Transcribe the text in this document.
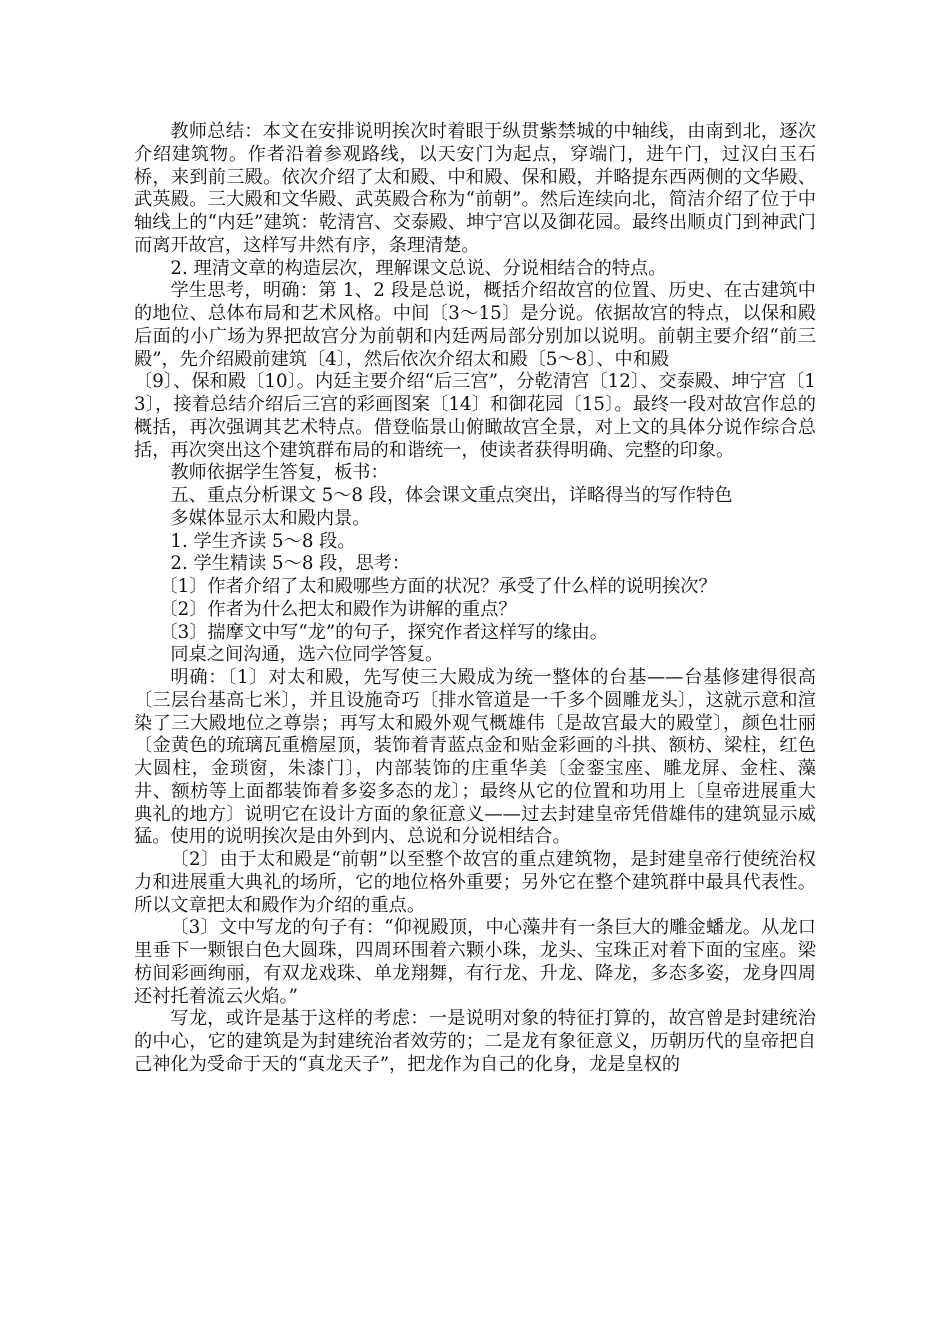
教师总结：本文在安排说明挨次时着眼于纵贯紫禁城的中轴线，由南到北，逐次介绍建筑物。作者沿着参观路线，以天安门为起点，穿端门，进午门，过汉白玉石桥，来到前三殿。依次介绍了太和殿、中和殿、保和殿，并略提东西两侧的文华殿、武英殿。三大殿和文华殿、武英殿合称为“前朝”。然后连续向北，简洁介绍了位于中轴线上的“内廷”建筑：乾清宫、交泰殿、坤宁宫以及御花园。最终出顺贞门到神武门而离开故宫，这样写井然有序，条理清楚。

2. 理清文章的构造层次，理解课文总说、分说相结合的特点。

学生思考，明确：第 1、2 段是总说，概括介绍故宫的位置、历史、在古建筑中的地位、总体布局和艺术风格。中间〔3～15〕是分说。依据故宫的特点，以保和殿后面的小广场为界把故宫分为前朝和内廷两局部分别加以说明。前朝主要介绍“前三殿”，先介绍殿前建筑〔4〕，然后依次介绍太和殿〔5～8〕、中和殿

〔9〕、保和殿〔10〕。内廷主要介绍“后三宫”，分乾清宫〔12〕、交泰殿、坤宁宫〔13〕，接着总结介绍后三宫的彩画图案〔14〕和御花园〔15〕。最终一段对故宫作总的概括，再次强调其艺术特点。借登临景山俯瞰故宫全景，对上文的具体分说作综合总括，再次突出这个建筑群布局的和谐统一，使读者获得明确、完整的印象。

教师依据学生答复，板书：

五、重点分析课文 5～8 段，体会课文重点突出，详略得当的写作特色

多媒体显示太和殿内景。

1. 学生齐读 5～8 段。

2. 学生精读 5～8 段，思考：

〔1〕作者介绍了太和殿哪些方面的状况？承受了什么样的说明挨次？

〔2〕作者为什么把太和殿作为讲解的重点？

〔3〕揣摩文中写“龙”的句子，探究作者这样写的缘由。

同桌之间沟通，选六位同学答复。

明确：〔1〕对太和殿，先写使三大殿成为统一整体的台基——台基修建得很高〔三层台基高七米〕，并且设施奇巧〔排水管道是一千多个圆雕龙头〕，这就示意和渲染了三大殿地位之尊崇；再写太和殿外观气概雄伟〔是故宫最大的殿堂〕，颜色壮丽〔金黄色的琉璃瓦重檐屋顶，装饰着青蓝点金和贴金彩画的斗拱、额枋、梁柱，红色大圆柱，金琐窗，朱漆门〕，内部装饰的庄重华美〔金銮宝座、雕龙屏、金柱、藻井、额枋等上面都装饰着多姿多态的龙〕；最终从它的位置和功用上〔皇帝进展重大典礼的地方〕说明它在设计方面的象征意义——过去封建皇帝凭借雄伟的建筑显示威猛。使用的说明挨次是由外到内、总说和分说相结合。

〔2〕由于太和殿是“前朝”以至整个故宫的重点建筑物，是封建皇帝行使统治权力和进展重大典礼的场所，它的地位格外重要；另外它在整个建筑群中最具代表性。所以文章把太和殿作为介绍的重点。

〔3〕文中写龙的句子有：“仰视殿顶，中心藻井有一条巨大的雕金蟠龙。从龙口里垂下一颗银白色大圆珠，四周环围着六颗小珠，龙头、宝珠正对着下面的宝座。梁枋间彩画绚丽，有双龙戏珠、单龙翔舞，有行龙、升龙、降龙，多态多姿，龙身四周还衬托着流云火焰。”

写龙，或许是基于这样的考虑：一是说明对象的特征打算的，故宫曾是封建统治的中心，它的建筑是为封建统治者效劳的；二是龙有象征意义，历朝历代的皇帝把自己神化为受命于天的“真龙天子”，把龙作为自己的化身，龙是皇权的
